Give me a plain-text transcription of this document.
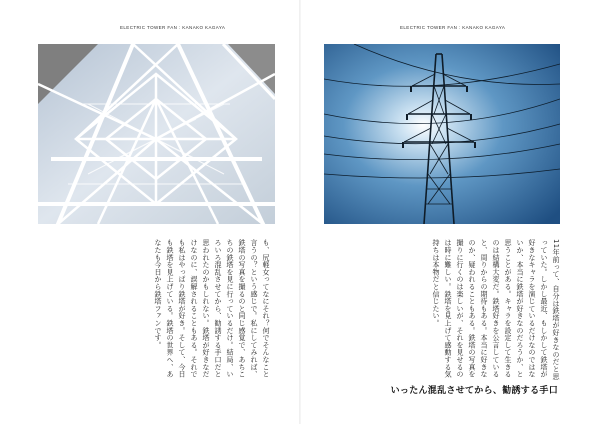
ELECTRIC TOWER FAN : KANAKO KAGAYA
も、尻軽女ってなにそれ？何でそんなこと言うの？という感じで。私にしてみれば、鉄塔の写真を撮るのと同じ感覚で、あちこちの鉄塔を見に行っているだけ。結局、いろいろ混乱させてから、勧誘する手口だと思われたのかもしれない。鉄塔が好きなだけなのに、誤解されることもある。それでも私はやっぱり鉄塔が好き。そして、今日も鉄塔を見上げている。鉄塔の世界へ、あなたも今日から鉄塔ファンです。
ELECTRIC TOWER FAN : KANAKO KAGAYA
11年前って、自分は鉄塔が好きなのだと思っていた。しかし最近、もしかして鉄塔が好きなキャラを演じているだけなのではないか、本当に鉄塔が好きなのだろうか、と思うことがある。キャラを設定して生きるのは結構大変だ。鉄塔好きを公言していると、周りからの期待もある。本当に好きなのか、疑われることもある。鉄塔の写真を撮りに行くのは楽しいが、それを見せるのは時に難しい。鉄塔を見上げて感動する気持ちは本物だと信じたい。
いったん混乱させてから、勧誘する手口
